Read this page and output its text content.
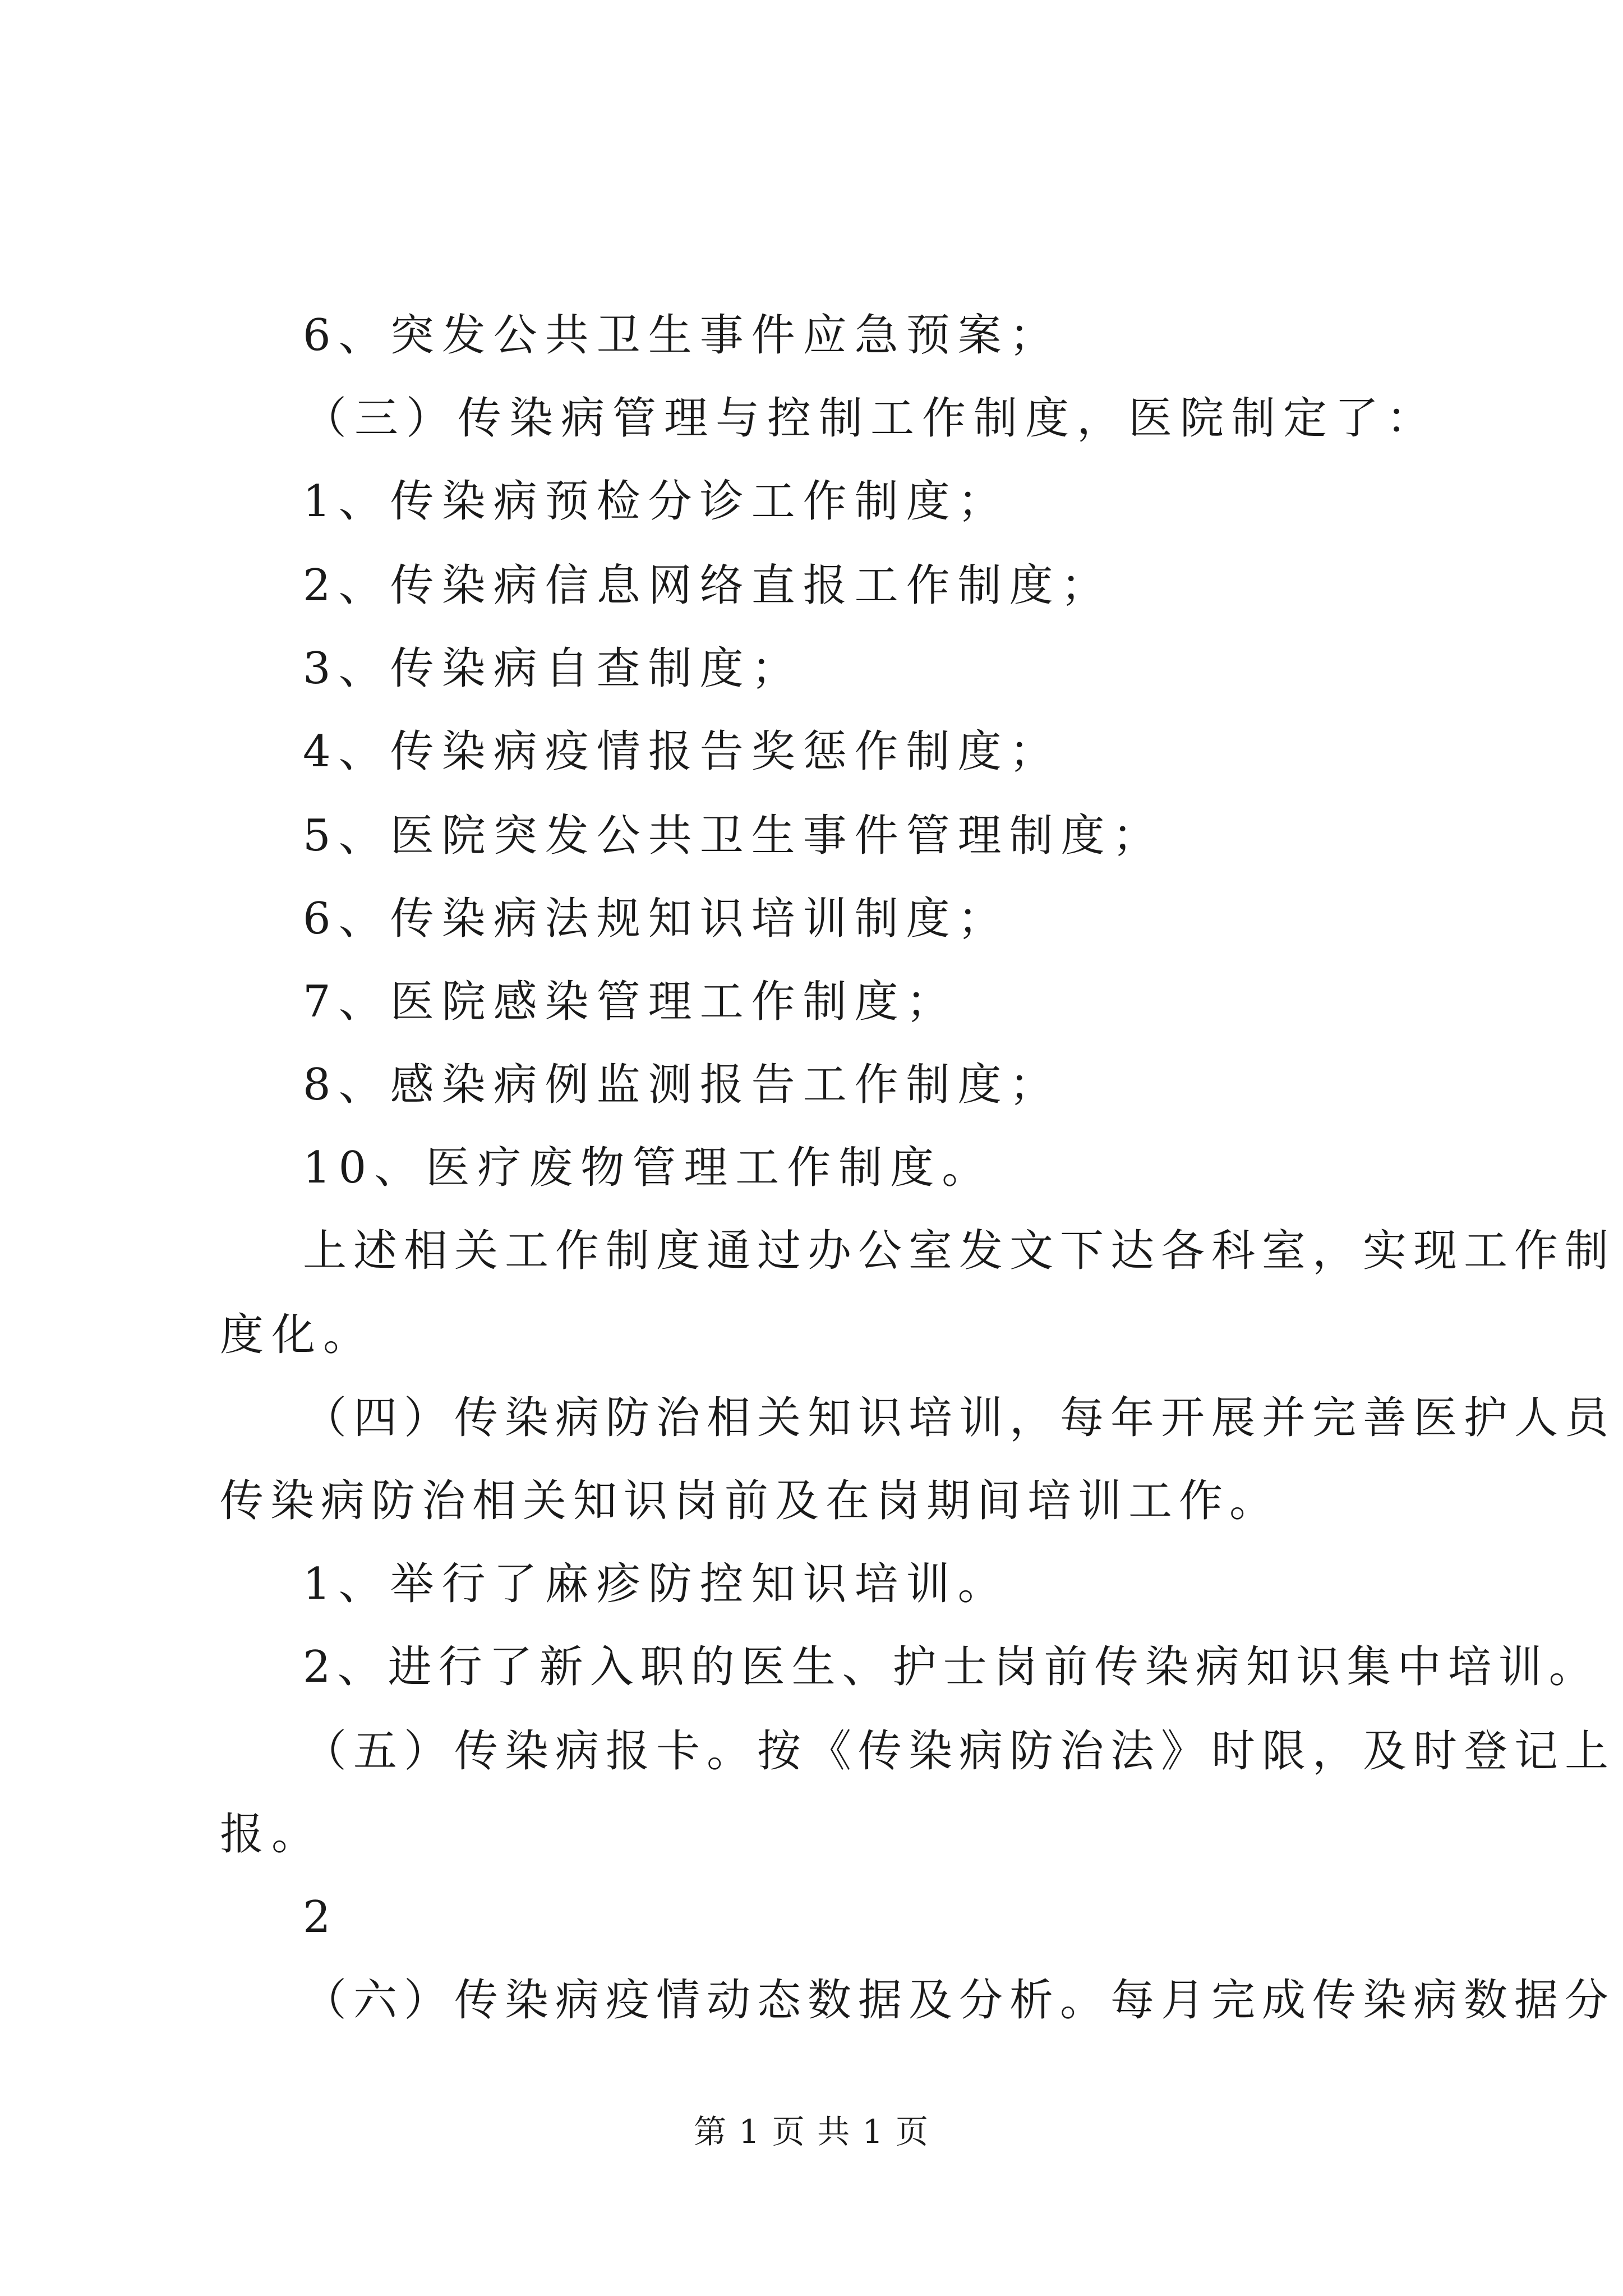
6、突发公共卫生事件应急预案；
（三）传染病管理与控制工作制度，医院制定了：
1、传染病预检分诊工作制度；
2、传染病信息网络直报工作制度；
3、传染病自查制度；
4、传染病疫情报告奖惩作制度；
5、医院突发公共卫生事件管理制度；
6、传染病法规知识培训制度；
7、医院感染管理工作制度；
8、感染病例监测报告工作制度；
10、医疗废物管理工作制度。
上述相关工作制度通过办公室发文下达各科室，实现工作制
度化。
（四）传染病防治相关知识培训，每年开展并完善医护人员
传染病防治相关知识岗前及在岗期间培训工作。
1、举行了麻疹防控知识培训。
2、进行了新入职的医生、护士岗前传染病知识集中培训。
（五）传染病报卡。按《传染病防治法》时限，及时登记上
报。
2
（六）传染病疫情动态数据及分析。每月完成传染病数据分
第 1 页 共 1 页
